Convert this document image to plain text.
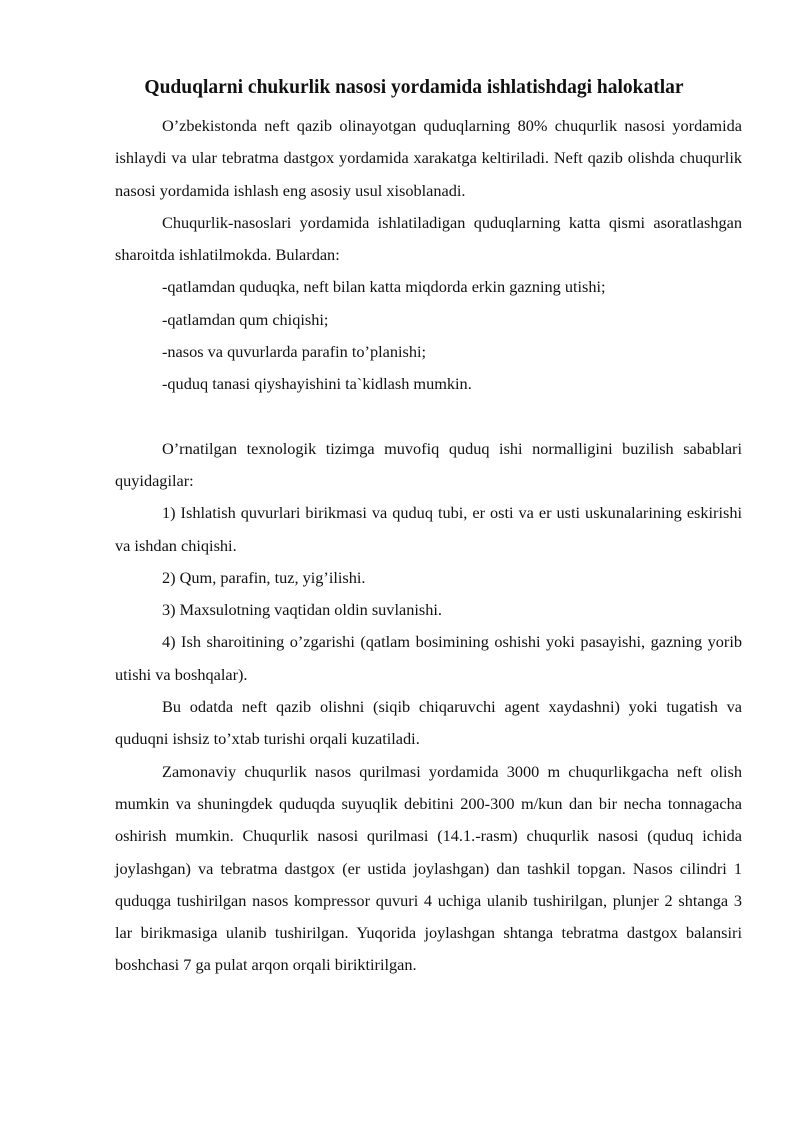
Quduqlarni chukurlik nasosi yordamida ishlatishdagi halokatlar

O’zbekistonda neft qazib olinayotgan quduqlarning 80% chuqurlik nasosi yordamida ishlaydi va ular tebratma dastgox yordamida xarakatga keltiriladi. Neft qazib olishda chuqurlik nasosi yordamida ishlash eng asosiy usul xisoblanadi.

Chuqurlik-nasoslari yordamida ishlatiladigan quduqlarning katta qismi asoratlashgan sharoitda ishlatilmokda. Bulardan:

-qatlamdan quduqka, neft bilan katta miqdorda erkin gazning utishi;

-qatlamdan qum chiqishi;

-nasos va quvurlarda parafin to’planishi;

-quduq tanasi qiyshayishini ta`kidlash mumkin.

O’rnatilgan texnologik tizimga muvofiq quduq ishi normalligini buzilish sabablari quyidagilar:

1) Ishlatish quvurlari birikmasi va quduq tubi, er osti va er usti uskunalarining eskirishi va ishdan chiqishi.

2) Qum, parafin, tuz, yig’ilishi.

3) Maxsulotning vaqtidan oldin suvlanishi.

4) Ish sharoitining o’zgarishi (qatlam bosimining oshishi yoki pasayishi, gazning yorib utishi va boshqalar).

Bu odatda neft qazib olishni (siqib chiqaruvchi agent xaydashni) yoki tugatish va quduqni ishsiz to’xtab turishi orqali kuzatiladi.

Zamonaviy chuqurlik nasos qurilmasi yordamida 3000 m chuqurlikgacha neft olish mumkin va shuningdek quduqda suyuqlik debitini 200-300 m/kun dan bir necha tonnagacha oshirish mumkin. Chuqurlik nasosi qurilmasi (14.1.-rasm) chuqurlik nasosi (quduq ichida joylashgan) va tebratma dastgox (er ustida joylashgan) dan tashkil topgan. Nasos cilindri 1 quduqga tushirilgan nasos kompressor quvuri 4 uchiga ulanib tushirilgan, plunjer 2 shtanga 3 lar birikmasiga ulanib tushirilgan. Yuqorida joylashgan shtanga tebratma dastgox balansiri boshchasi 7 ga pulat arqon orqali biriktirilgan.
